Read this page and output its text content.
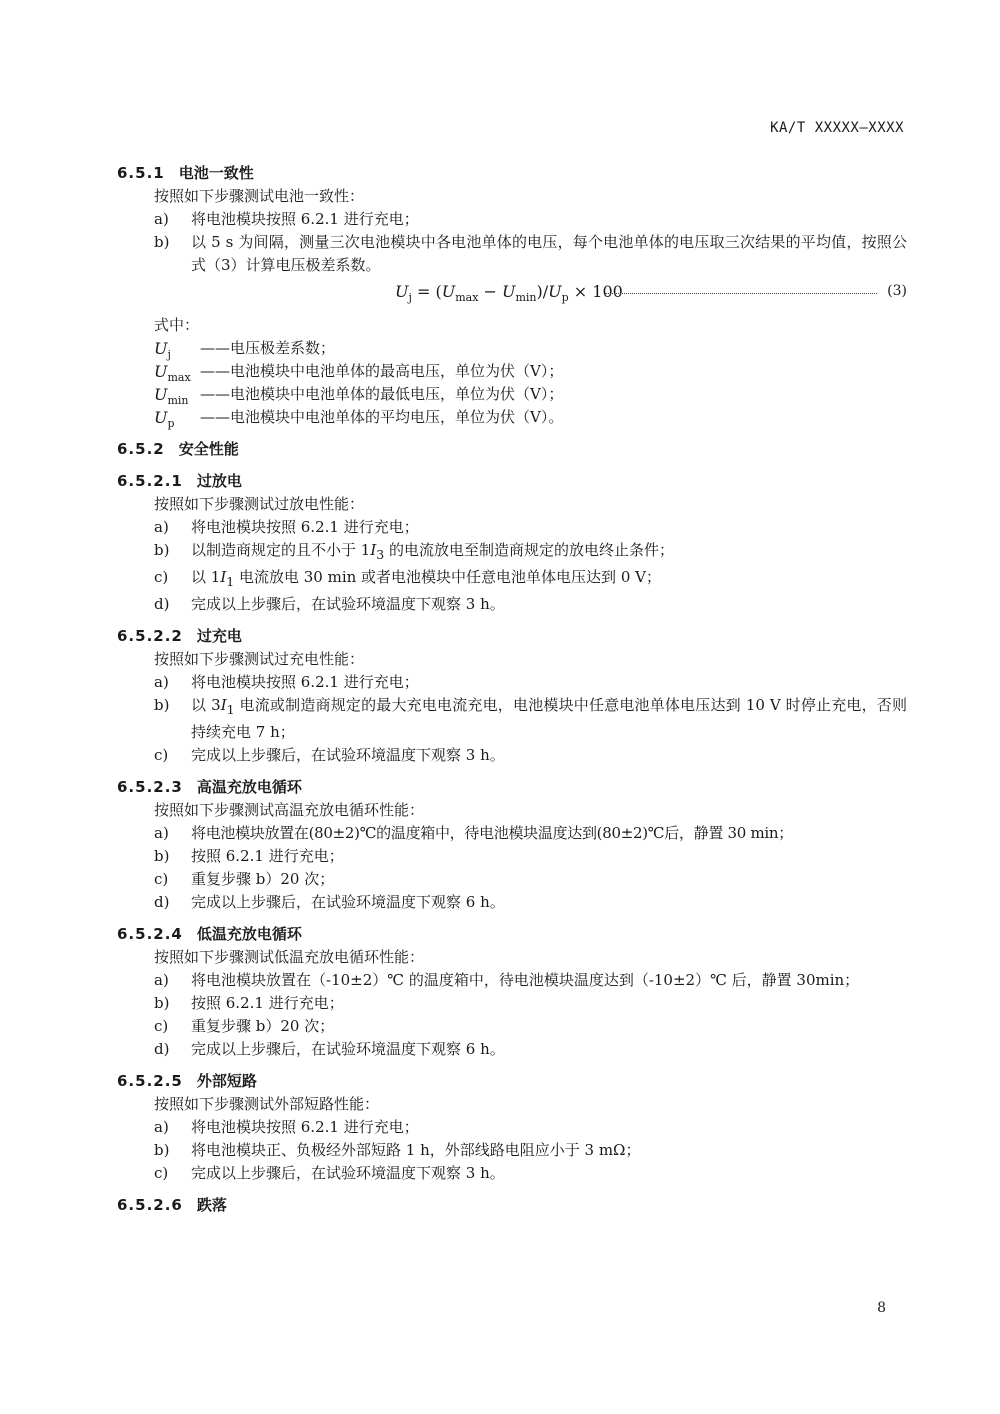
KA/T XXXXX—XXXX
6.5.1 电池一致性
按照如下步骤测试电池一致性：
a) 将电池模块按照 6.2.1 进行充电；
b) 以 5 s 为间隔，测量三次电池模块中各电池单体的电压，每个电池单体的电压取三次结果的平均值，按照公式（3）计算电压极差系数。
$U_j = (U_{max} - U_{min})/U_p \times 100$	(3)
式中：
$U_j$ ——电压极差系数；
$U_{max}$ ——电池模块中电池单体的最高电压，单位为伏（V）；
$U_{min}$ ——电池模块中电池单体的最低电压，单位为伏（V）；
$U_p$ ——电池模块中电池单体的平均电压，单位为伏（V）。
6.5.2 安全性能
6.5.2.1 过放电
按照如下步骤测试过放电性能：
a) 将电池模块按照 6.2.1 进行充电；
b) 以制造商规定的且不小于 $1I_3$ 的电流放电至制造商规定的放电终止条件；
c) 以 $1I_1$ 电流放电 30 min 或者电池模块中任意电池单体电压达到 0 V；
d) 完成以上步骤后，在试验环境温度下观察 3 h。
6.5.2.2 过充电
按照如下步骤测试过充电性能：
a) 将电池模块按照 6.2.1 进行充电；
b) 以 $3I_1$ 电流或制造商规定的最大充电电流充电，电池模块中任意电池单体电压达到 10 V 时停止充电，否则持续充电 7 h；
c) 完成以上步骤后，在试验环境温度下观察 3 h。
6.5.2.3 高温充放电循环
按照如下步骤测试高温充放电循环性能：
a) 将电池模块放置在(80±2)℃的温度箱中，待电池模块温度达到(80±2)℃后，静置 30 min；
b) 按照 6.2.1 进行充电；
c) 重复步骤 b）20 次；
d) 完成以上步骤后，在试验环境温度下观察 6 h。
6.5.2.4 低温充放电循环
按照如下步骤测试低温充放电循环性能：
a) 将电池模块放置在（-10±2）℃ 的温度箱中，待电池模块温度达到（-10±2）℃ 后，静置 30min；
b) 按照 6.2.1 进行充电；
c) 重复步骤 b）20 次；
d) 完成以上步骤后，在试验环境温度下观察 6 h。
6.5.2.5 外部短路
按照如下步骤测试外部短路性能：
a) 将电池模块按照 6.2.1 进行充电；
b) 将电池模块正、负极经外部短路 1 h，外部线路电阻应小于 3 mΩ；
c) 完成以上步骤后，在试验环境温度下观察 3 h。
6.5.2.6 跌落
8
